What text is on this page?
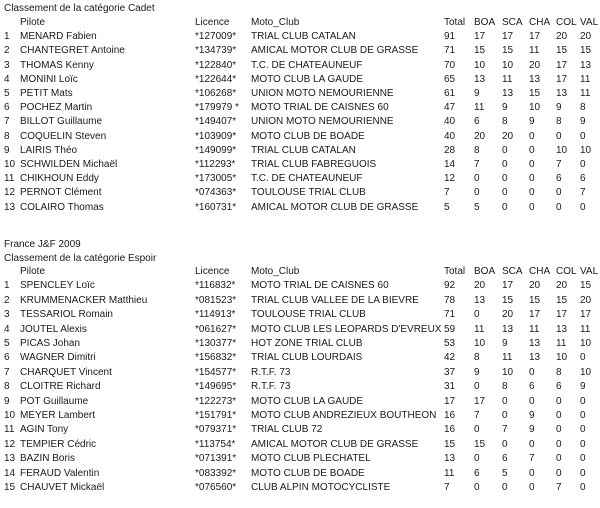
Classement de la catégorie Cadet
Pilote	Licence Moto_Club	Total BOA SCA CHA COL VAL
1 MENARD Fabien	*127009* TRIAL CLUB CATALAN	91 17 17 17 20 20
2 CHANTEGRET Antoine	*134739* AMICAL MOTOR CLUB DE GRASSE	71 15 15 11 15 15
3 THOMAS Kenny	*122840* T.C. DE CHATEAUNEUF	70 10 10 20 17 13
4 MONINI Loïc	*122644* MOTO CLUB LA GAUDE	65 13 11 13 17 11
5 PETIT Mats	*106268* UNION MOTO NEMOURIENNE	61 9 13 15 13 11
6 POCHEZ Martin	*179979 * MOTO TRIAL DE CAISNES 60	47 11 9 10 9 8
7 BILLOT Guillaume	*149407* UNION MOTO NEMOURIENNE	40 6 8 9 8 9
8 COQUELIN Steven	*103909* MOTO CLUB DE BOADE	40 20 20 0 0 0
9 LAIRIS Théo	*149099* TRIAL CLUB CATALAN	28 8 0 0 10 10
10 SCHWILDEN Michaël	*112293* TRIAL CLUB FABREGUOIS	14 7 0 0 7 0
11 CHIKHOUN Eddy	*173005* T.C. DE CHATEAUNEUF	12 0 0 0 6 6
12 PERNOT Clément	*074363* TOULOUSE TRIAL CLUB	7 0 0 0 0 7
13 COLAIRO Thomas	*160731* AMICAL MOTOR CLUB DE GRASSE	5 5 0 0 0 0
France J&F 2009
Classement de la catégorie Espoir
Pilote	Licence Moto_Club	Total BOA SCA CHA COL VAL
1 SPENCLEY Loïc	*116832* MOTO TRIAL DE CAISNES 60	92 20 17 20 20 15
2 KRUMMENACKER Matthieu	*081523* TRIAL CLUB VALLEE DE LA BIEVRE	78 13 15 15 15 20
3 TESSARIOL Romain	*114913* TOULOUSE TRIAL CLUB	71 0 20 17 17 17
4 JOUTEL Alexis	*061627* MOTO CLUB LES LEOPARDS D'EVREUX 59 11 13 11 13 11
5 PICAS Johan	*130377* HOT ZONE TRIAL CLUB	53 10 9 13 11 10
6 WAGNER Dimitri	*156832* TRIAL CLUB LOURDAIS	42 8 11 13 10 0
7 CHARQUET Vincent	*154577* R.T.F. 73	37 9 10 0 8 10
8 CLOITRE Richard	*149695* R.T.F. 73	31 0 8 6 6 9
9 POT Guillaume	*122273* MOTO CLUB LA GAUDE	17 17 0 0 0 0
10 MEYER Lambert	*151791* MOTO CLUB ANDREZIEUX BOUTHEON 16 7 0 9 0 0
11 AGIN Tony	*079371* TRIAL CLUB 72	16 0 7 9 0 0
12 TEMPIER Cédric	*113754* AMICAL MOTOR CLUB DE GRASSE	15 15 0 0 0 0
13 BAZIN Boris	*071391* MOTO CLUB PLECHATEL	13 0 6 7 0 0
14 FERAUD Valentin	*083392* MOTO CLUB DE BOADE	11 6 5 0 0 0
15 CHAUVET Mickaël	*076560* CLUB ALPIN MOTOCYCLISTE	7 0 0 0 7 0
